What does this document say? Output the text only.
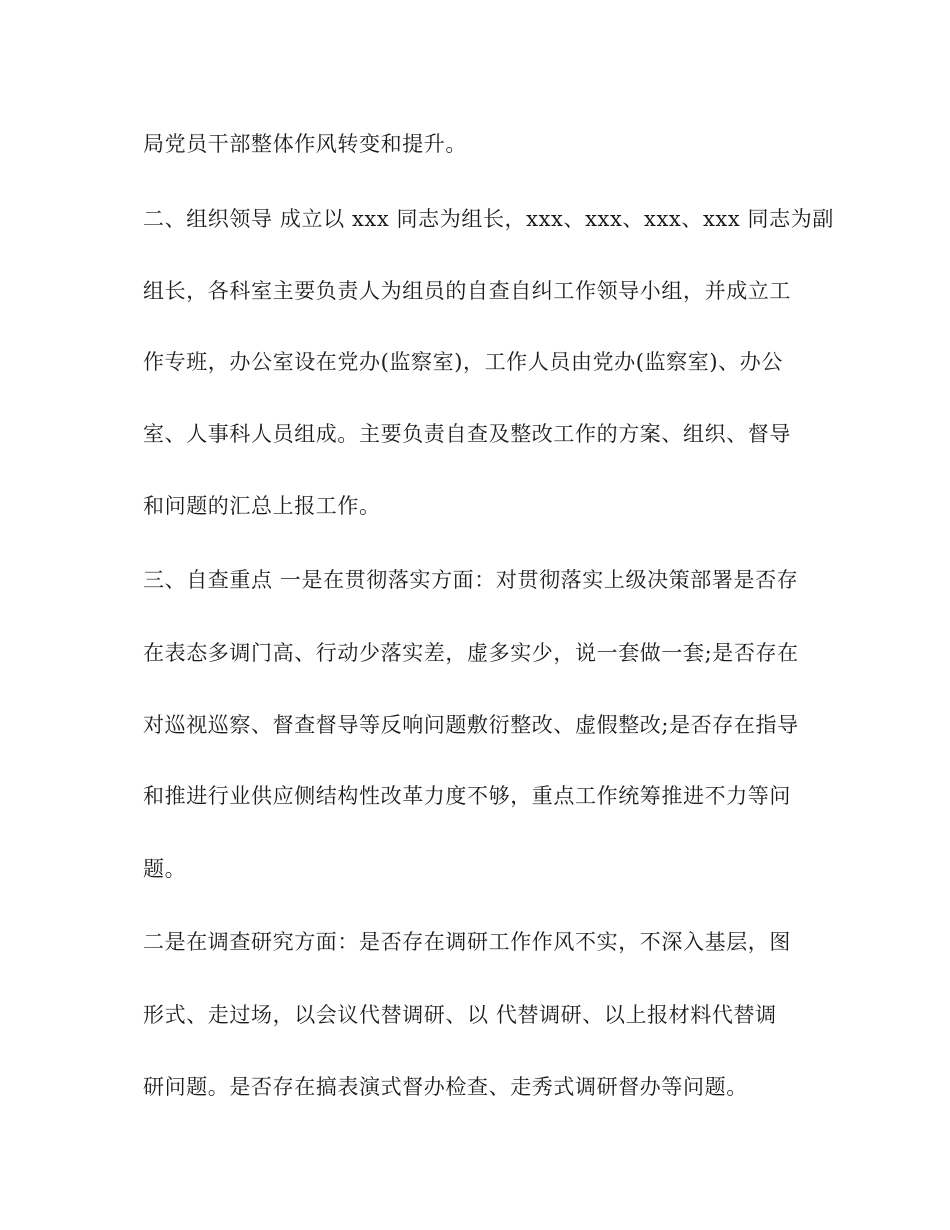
局党员干部整体作风转变和提升。
二、组织领导 成立以 xxx 同志为组长，xxx、xxx、xxx、xxx 同志为副
组长，各科室主要负责人为组员的自查自纠工作领导小组，并成立工
作专班，办公室设在党办(监察室)，工作人员由党办(监察室)、办公
室、人事科人员组成。主要负责自查及整改工作的方案、组织、督导
和问题的汇总上报工作。
三、自查重点 一是在贯彻落实方面：对贯彻落实上级决策部署是否存
在表态多调门高、行动少落实差，虚多实少，说一套做一套;是否存在
对巡视巡察、督查督导等反响问题敷衍整改、虚假整改;是否存在指导
和推进行业供应侧结构性改革力度不够，重点工作统筹推进不力等问
题。
二是在调查研究方面：是否存在调研工作作风不实，不深入基层，图
形式、走过场，以会议代替调研、以 代替调研、以上报材料代替调
研问题。是否存在搞表演式督办检查、走秀式调研督办等问题。
